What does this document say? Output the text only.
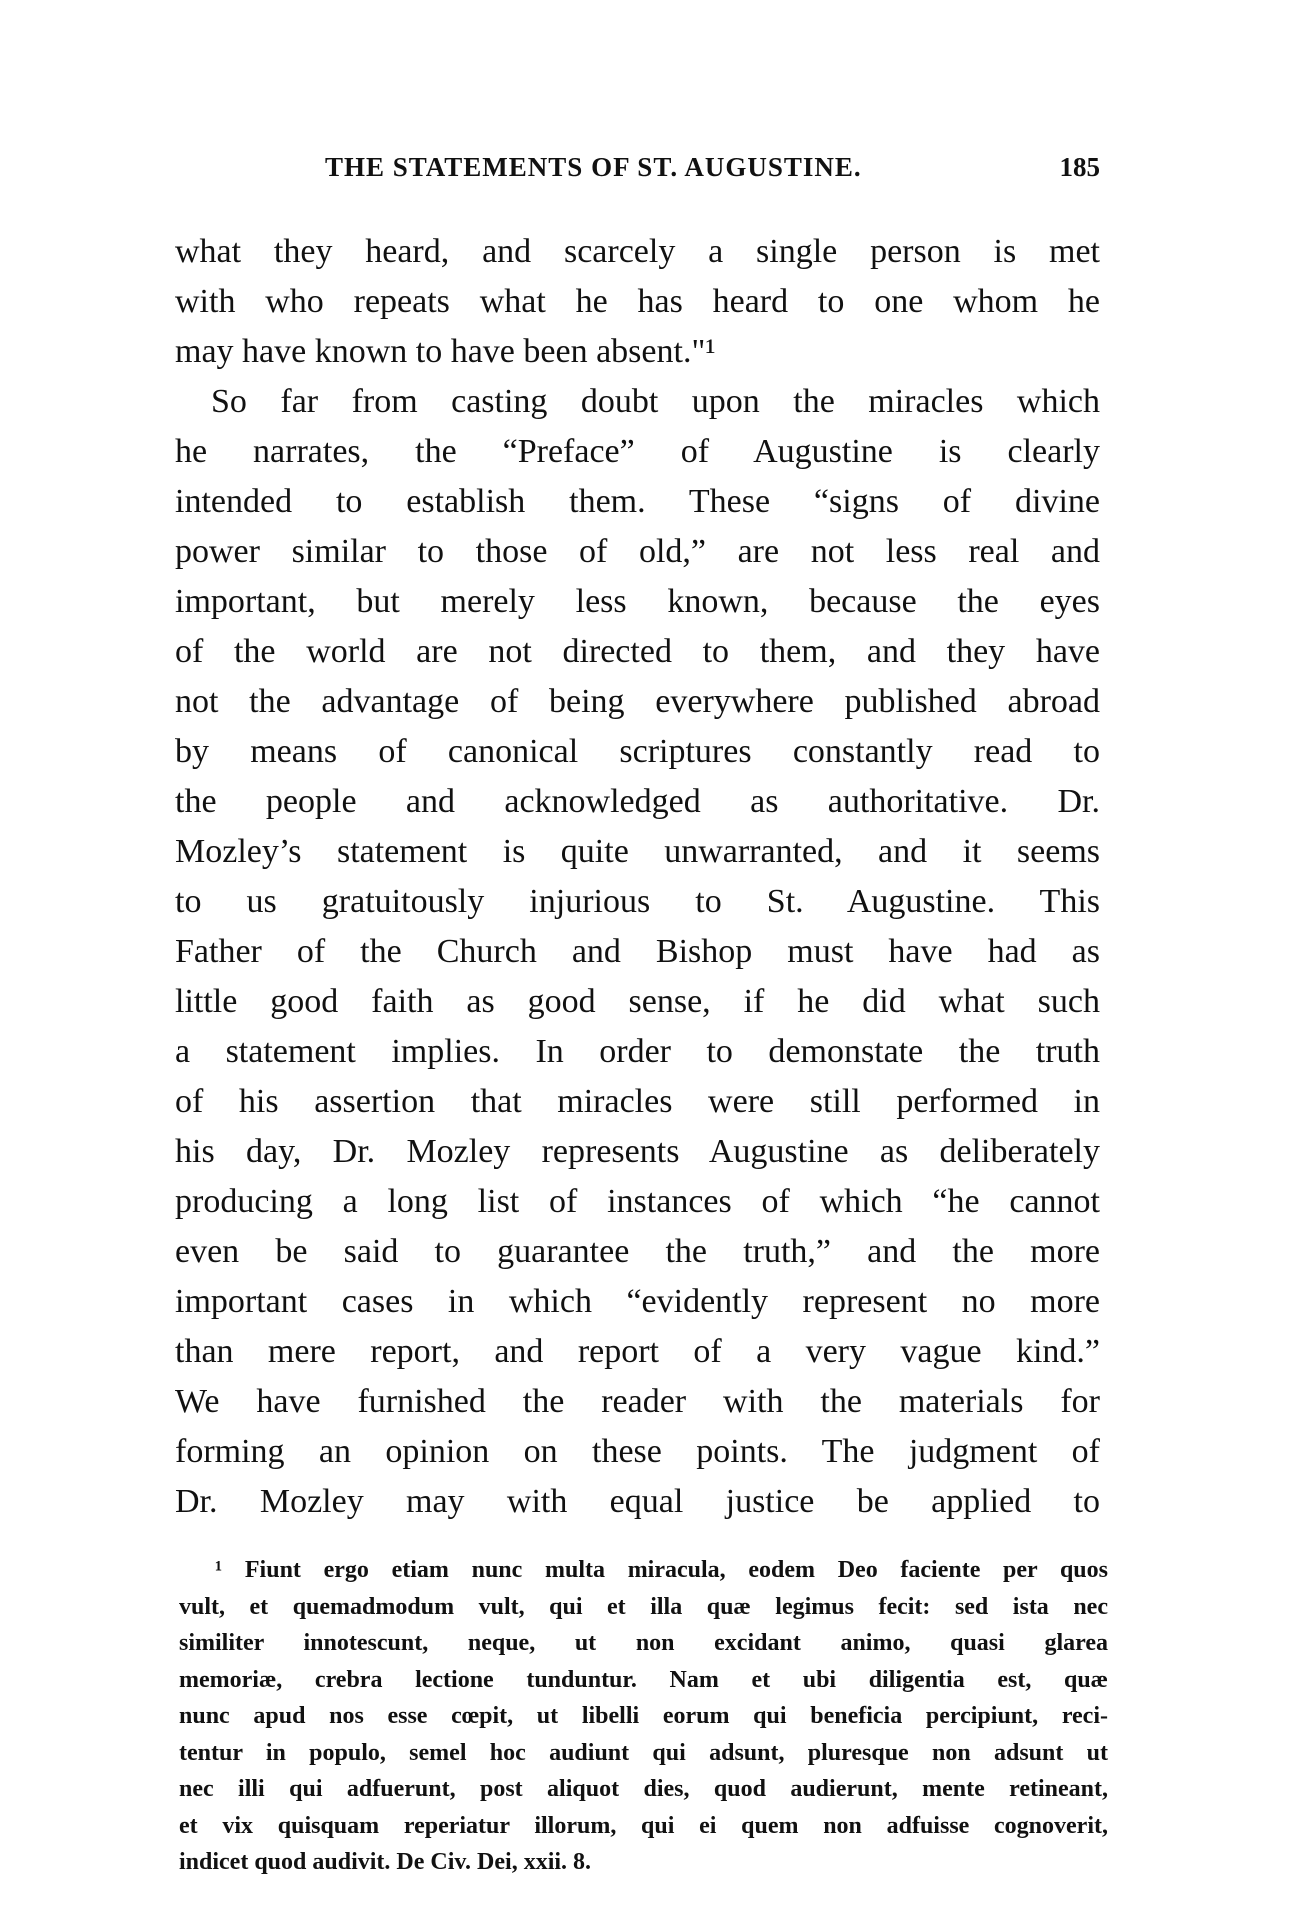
THE STATEMENTS OF ST. AUGUSTINE.	185
what they heard, and scarcely a single person is met
with who repeats what he has heard to one whom he
may have known to have been absent."¹
So far from casting doubt upon the miracles which
he narrates, the “Preface” of Augustine is clearly
intended to establish them. These “signs of divine
power similar to those of old,” are not less real and
important, but merely less known, because the eyes
of the world are not directed to them, and they have
not the advantage of being everywhere published abroad
by means of canonical scriptures constantly read to
the people and acknowledged as authoritative. Dr.
Mozley’s statement is quite unwarranted, and it seems
to us gratuitously injurious to St. Augustine. This
Father of the Church and Bishop must have had as
little good faith as good sense, if he did what such
a statement implies. In order to demonstate the truth
of his assertion that miracles were still performed in
his day, Dr. Mozley represents Augustine as deliberately
producing a long list of instances of which “he cannot
even be said to guarantee the truth,” and the more
important cases in which “evidently represent no more
than mere report, and report of a very vague kind.”
We have furnished the reader with the materials for
forming an opinion on these points. The judgment of
Dr. Mozley may with equal justice be applied to
¹ Fiunt ergo etiam nunc multa miracula, eodem Deo faciente per quos
vult, et quemadmodum vult, qui et illa quæ legimus fecit: sed ista nec
similiter innotescunt, neque, ut non excidant animo, quasi glarea
memoriæ, crebra lectione tunduntur. Nam et ubi diligentia est, quæ
nunc apud nos esse cœpit, ut libelli eorum qui beneficia percipiunt, reci-
tentur in populo, semel hoc audiunt qui adsunt, pluresque non adsunt ut
nec illi qui adfuerunt, post aliquot dies, quod audierunt, mente retineant,
et vix quisquam reperiatur illorum, qui ei quem non adfuisse cognoverit,
indicet quod audivit. De Civ. Dei, xxii. 8.
